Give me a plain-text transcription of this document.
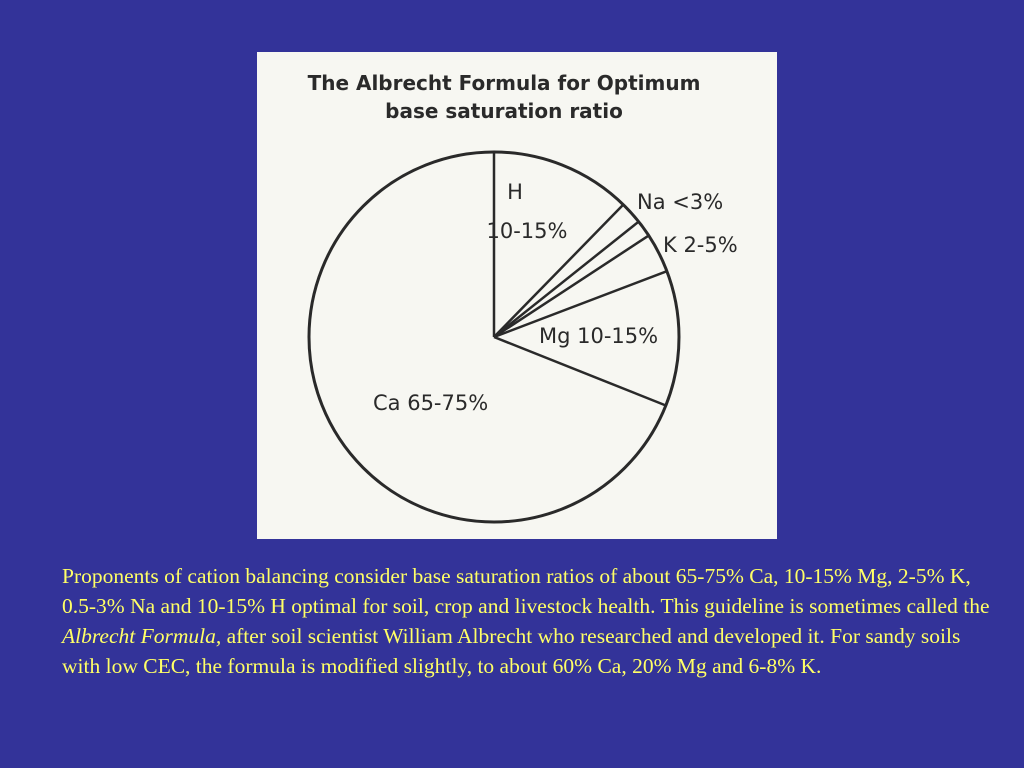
The Albrecht Formula for Optimum
base saturation ratio
H
10-15%
Na <3%
K 2-5%
Mg 10-15%
Ca 65-75%
Proponents of cation balancing consider base saturation ratios of about 65-75% Ca, 10-15% Mg, 2-5% K, 0.5-3% Na and 10-15% H optimal for soil, crop and livestock health. This guideline is sometimes called the Albrecht Formula, after soil scientist William Albrecht who researched and developed it. For sandy soils with low CEC, the formula is modified slightly, to about 60% Ca, 20% Mg and 6-8% K.
